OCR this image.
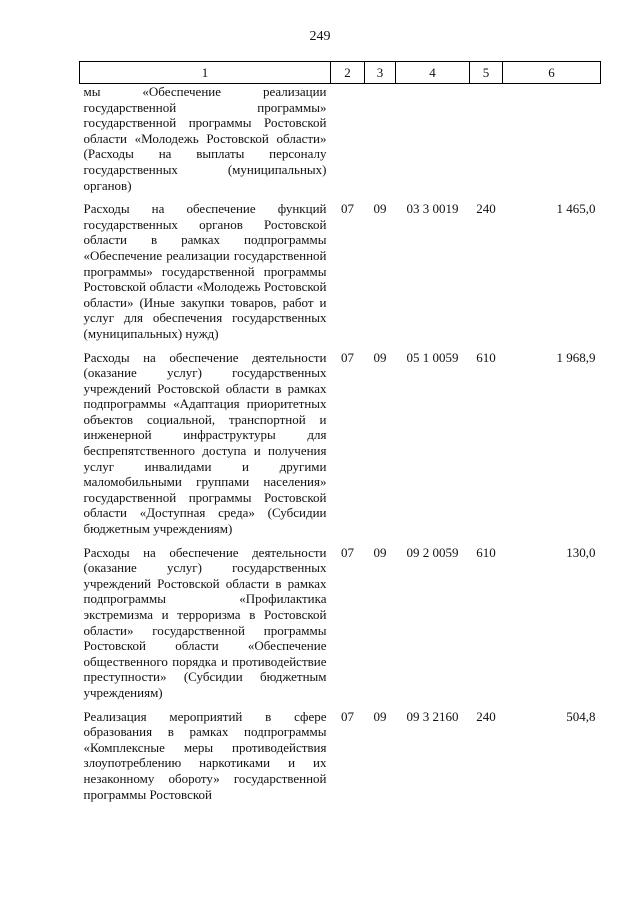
249
1	2	3	4	5	6
мы «Обеспечение реализации государственной программы» государственной программы Ростовской области «Молодежь Ростовской области» (Расходы на выплаты персоналу государственных (муниципальных) органов)					
Расходы на обеспечение функций государственных органов Ростовской области в рамках подпрограммы «Обеспечение реализации государственной программы» государственной программы Ростовской области «Молодежь Ростовской области» (Иные закупки товаров, работ и услуг для обеспечения государственных (муниципальных) нужд)	07	09	03 3 0019	240	1 465,0
Расходы на обеспечение деятельности (оказание услуг) государственных учреждений Ростовской области в рамках подпрограммы «Адаптация приоритетных объектов социальной, транспортной и инженерной инфраструктуры для беспрепятственного доступа и получения услуг инвалидами и другими маломобильными группами населения» государственной программы Ростовской области «Доступная среда» (Субсидии бюджетным учреждениям)	07	09	05 1 0059	610	1 968,9
Расходы на обеспечение деятельности (оказание услуг) государственных учреждений Ростовской области в рамках подпрограммы «Профилактика экстремизма и терроризма в Ростовской области» государственной программы Ростовской области «Обеспечение общественного порядка и противодействие преступности» (Субсидии бюджетным учреждениям)	07	09	09 2 0059	610	130,0
Реализация мероприятий в сфере образования в рамках подпрограммы «Комплексные меры противодействия злоупотреблению наркотиками и их незаконному обороту» государственной программы Ростовской	07	09	09 3 2160	240	504,8
